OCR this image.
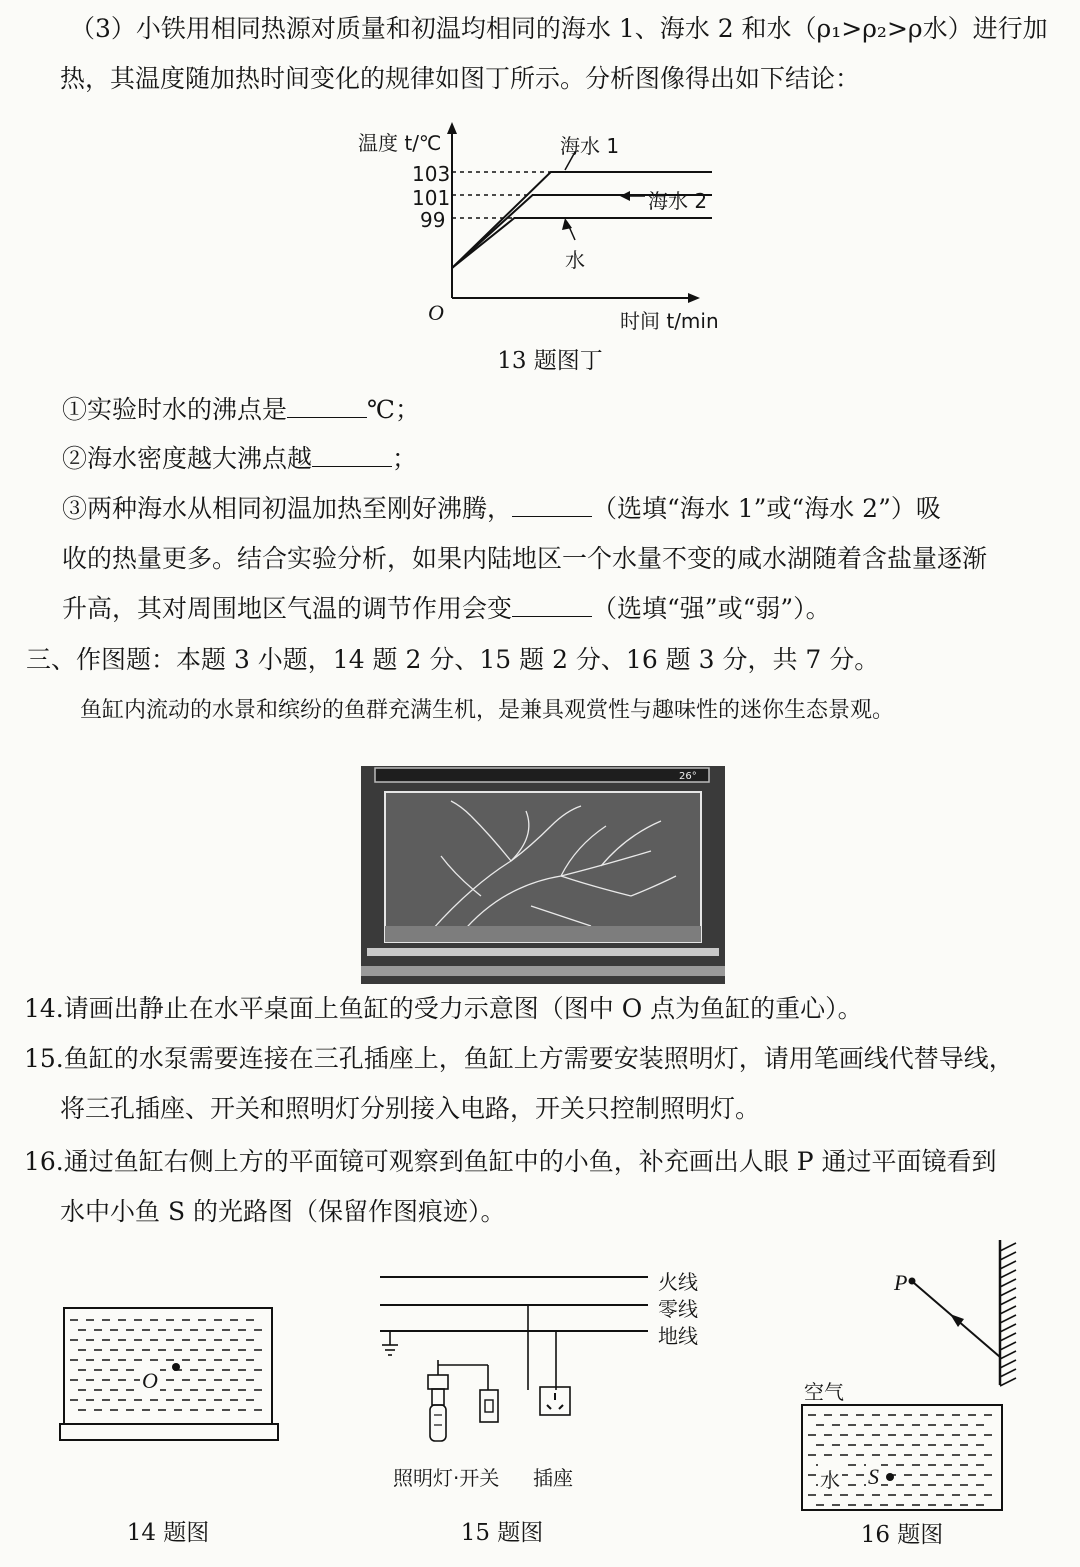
（3）小铁用相同热源对质量和初温均相同的海水 1、海水 2 和水（ρ₁>ρ₂>ρ水）进行加
热，其温度随加热时间变化的规律如图丁所示。分析图像得出如下结论：
温度 t/℃
时间 t/min
O
103
101
99
海水 1
海水 2
水
13 题图丁
①实验时水的沸点是	℃；
②海水密度越大沸点越	；
③两种海水从相同初温加热至刚好沸腾，	（选填“海水 1”或“海水 2”）吸
收的热量更多。结合实验分析，如果内陆地区一个水量不变的咸水湖随着含盐量逐渐
升高，其对周围地区气温的调节作用会变	（选填“强”或“弱”）。
三、作图题：本题 3 小题，14 题 2 分、15 题 2 分、16 题 3 分，共 7 分。
鱼缸内流动的水景和缤纷的鱼群充满生机，是兼具观赏性与趣味性的迷你生态景观。
26°
14.请画出静止在水平桌面上鱼缸的受力示意图（图中 O 点为鱼缸的重心）。
15.鱼缸的水泵需要连接在三孔插座上，鱼缸上方需要安装照明灯，请用笔画线代替导线，
将三孔插座、开关和照明灯分别接入电路，开关只控制照明灯。
16.通过鱼缸右侧上方的平面镜可观察到鱼缸中的小鱼，补充画出人眼 P 通过平面镜看到
水中小鱼 S 的光路图（保留作图痕迹）。
O
14 题图
火线
零线
地线
照明灯·开关 插座
15 题图
P
空气
水 S
16 题图
